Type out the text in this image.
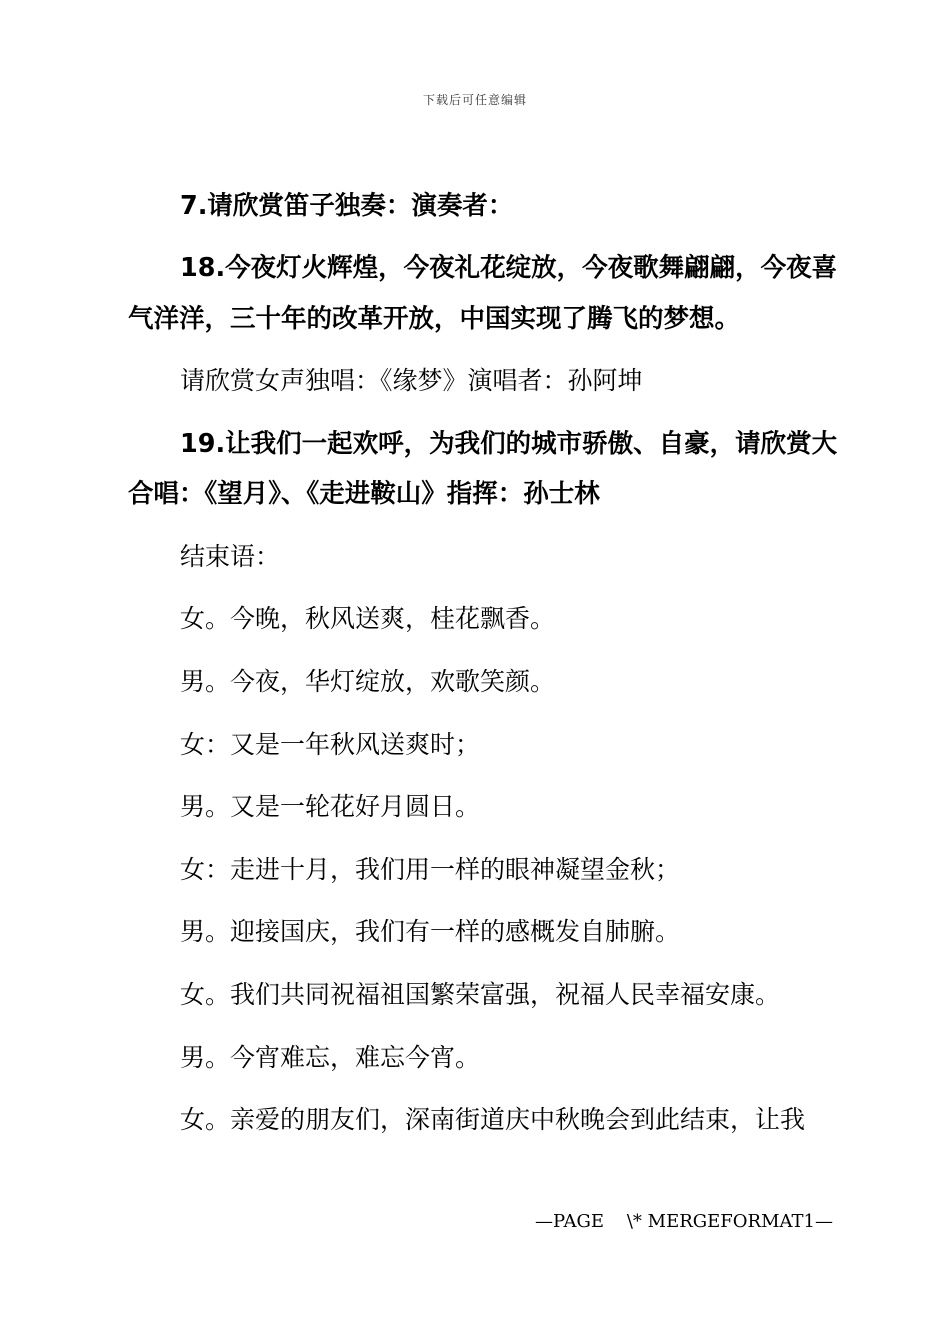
下载后可任意编辑
7.请欣赏笛子独奏：演奏者：
18.今夜灯火辉煌，今夜礼花绽放，今夜歌舞翩翩，今夜喜
气洋洋，三十年的改革开放，中国实现了腾飞的梦想。
请欣赏女声独唱：《缘梦》演唱者：孙阿坤
19.让我们一起欢呼，为我们的城市骄傲、自豪，请欣赏大
合唱：《望月》、《走进鞍山》指挥：孙士林
结束语：
女。今晚，秋风送爽，桂花飘香。
男。今夜，华灯绽放，欢歌笑颜。
女：又是一年秋风送爽时；
男。又是一轮花好月圆日。
女：走进十月，我们用一样的眼神凝望金秋；
男。迎接国庆，我们有一样的感概发自肺腑。
女。我们共同祝福祖国繁荣富强，祝福人民幸福安康。
男。今宵难忘，难忘今宵。
女。亲爱的朋友们，深南街道庆中秋晚会到此结束，让我
—PAGE    \* MERGEFORMAT1—
